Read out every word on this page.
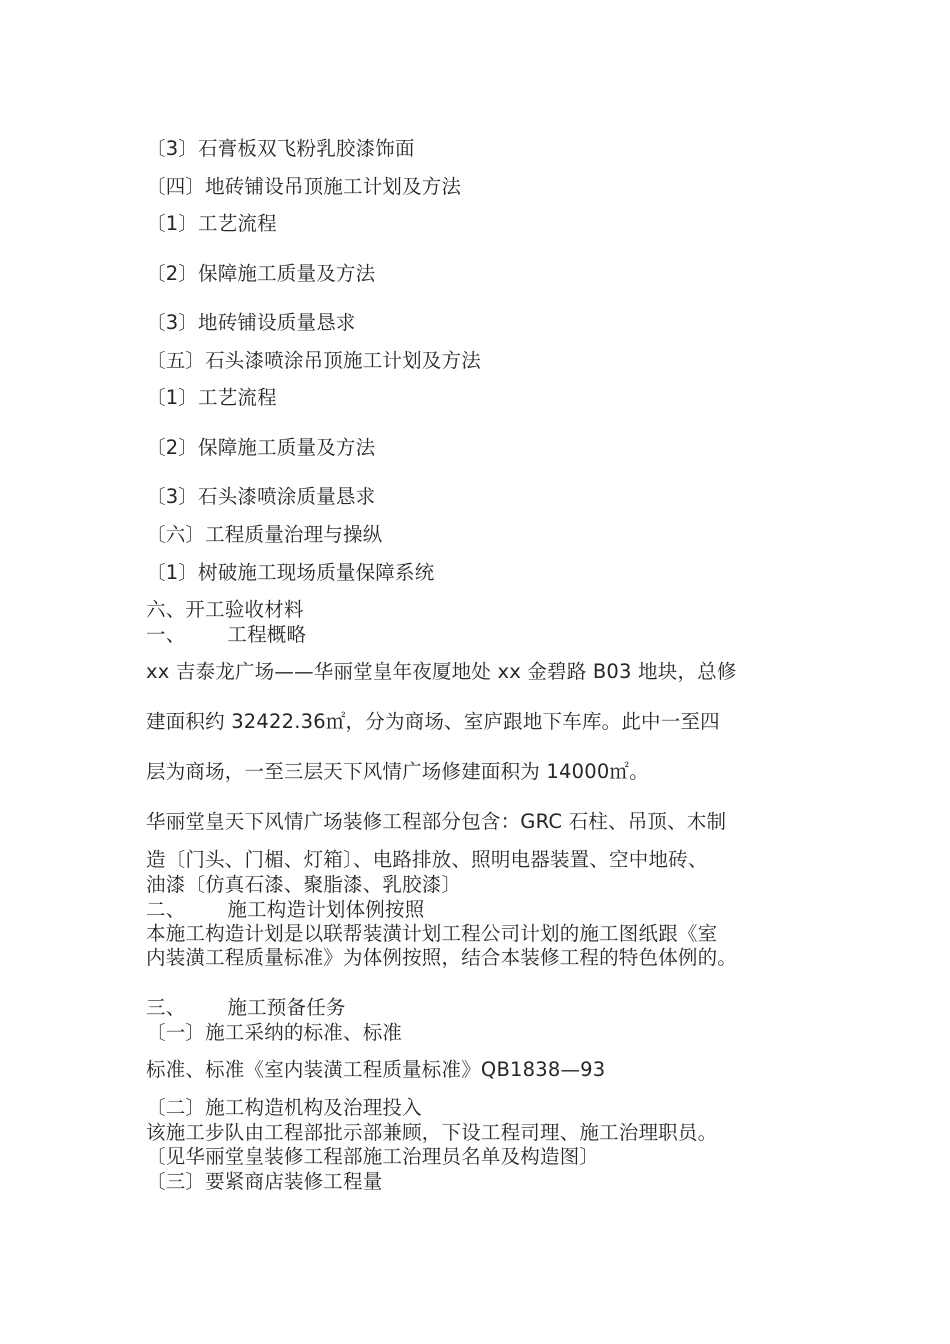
〔3〕石膏板双飞粉乳胶漆饰面
〔四〕地砖铺设吊顶施工计划及方法
〔1〕工艺流程
〔2〕保障施工质量及方法
〔3〕地砖铺设质量恳求
〔五〕石头漆喷涂吊顶施工计划及方法
〔1〕工艺流程
〔2〕保障施工质量及方法
〔3〕石头漆喷涂质量恳求
〔六〕工程质量治理与操纵
〔1〕树破施工现场质量保障系统
六、开工验收材料
一、 工程概略
xx 吉泰龙广场——华丽堂皇年夜厦地处 xx 金碧路 B03 地块，总修
建面积约 32422.36㎡，分为商场、室庐跟地下车库。此中一至四
层为商场，一至三层天下风情广场修建面积为 14000㎡。
华丽堂皇天下风情广场装修工程部分包含：GRC 石柱、吊顶、木制
造〔门头、门楣、灯箱〕、电路排放、照明电器装置、空中地砖、
油漆〔仿真石漆、聚脂漆、乳胶漆〕
二、 施工构造计划体例按照
本施工构造计划是以联帮装潢计划工程公司计划的施工图纸跟《室
内装潢工程质量标准》为体例按照，结合本装修工程的特色体例的。
三、 施工预备任务
〔一〕施工采纳的标准、标准
标准、标准《室内装潢工程质量标准》QB1838—93
〔二〕施工构造机构及治理投入
该施工步队由工程部批示部兼顾，下设工程司理、施工治理职员。
〔见华丽堂皇装修工程部施工治理员名单及构造图〕
〔三〕要紧商店装修工程量
